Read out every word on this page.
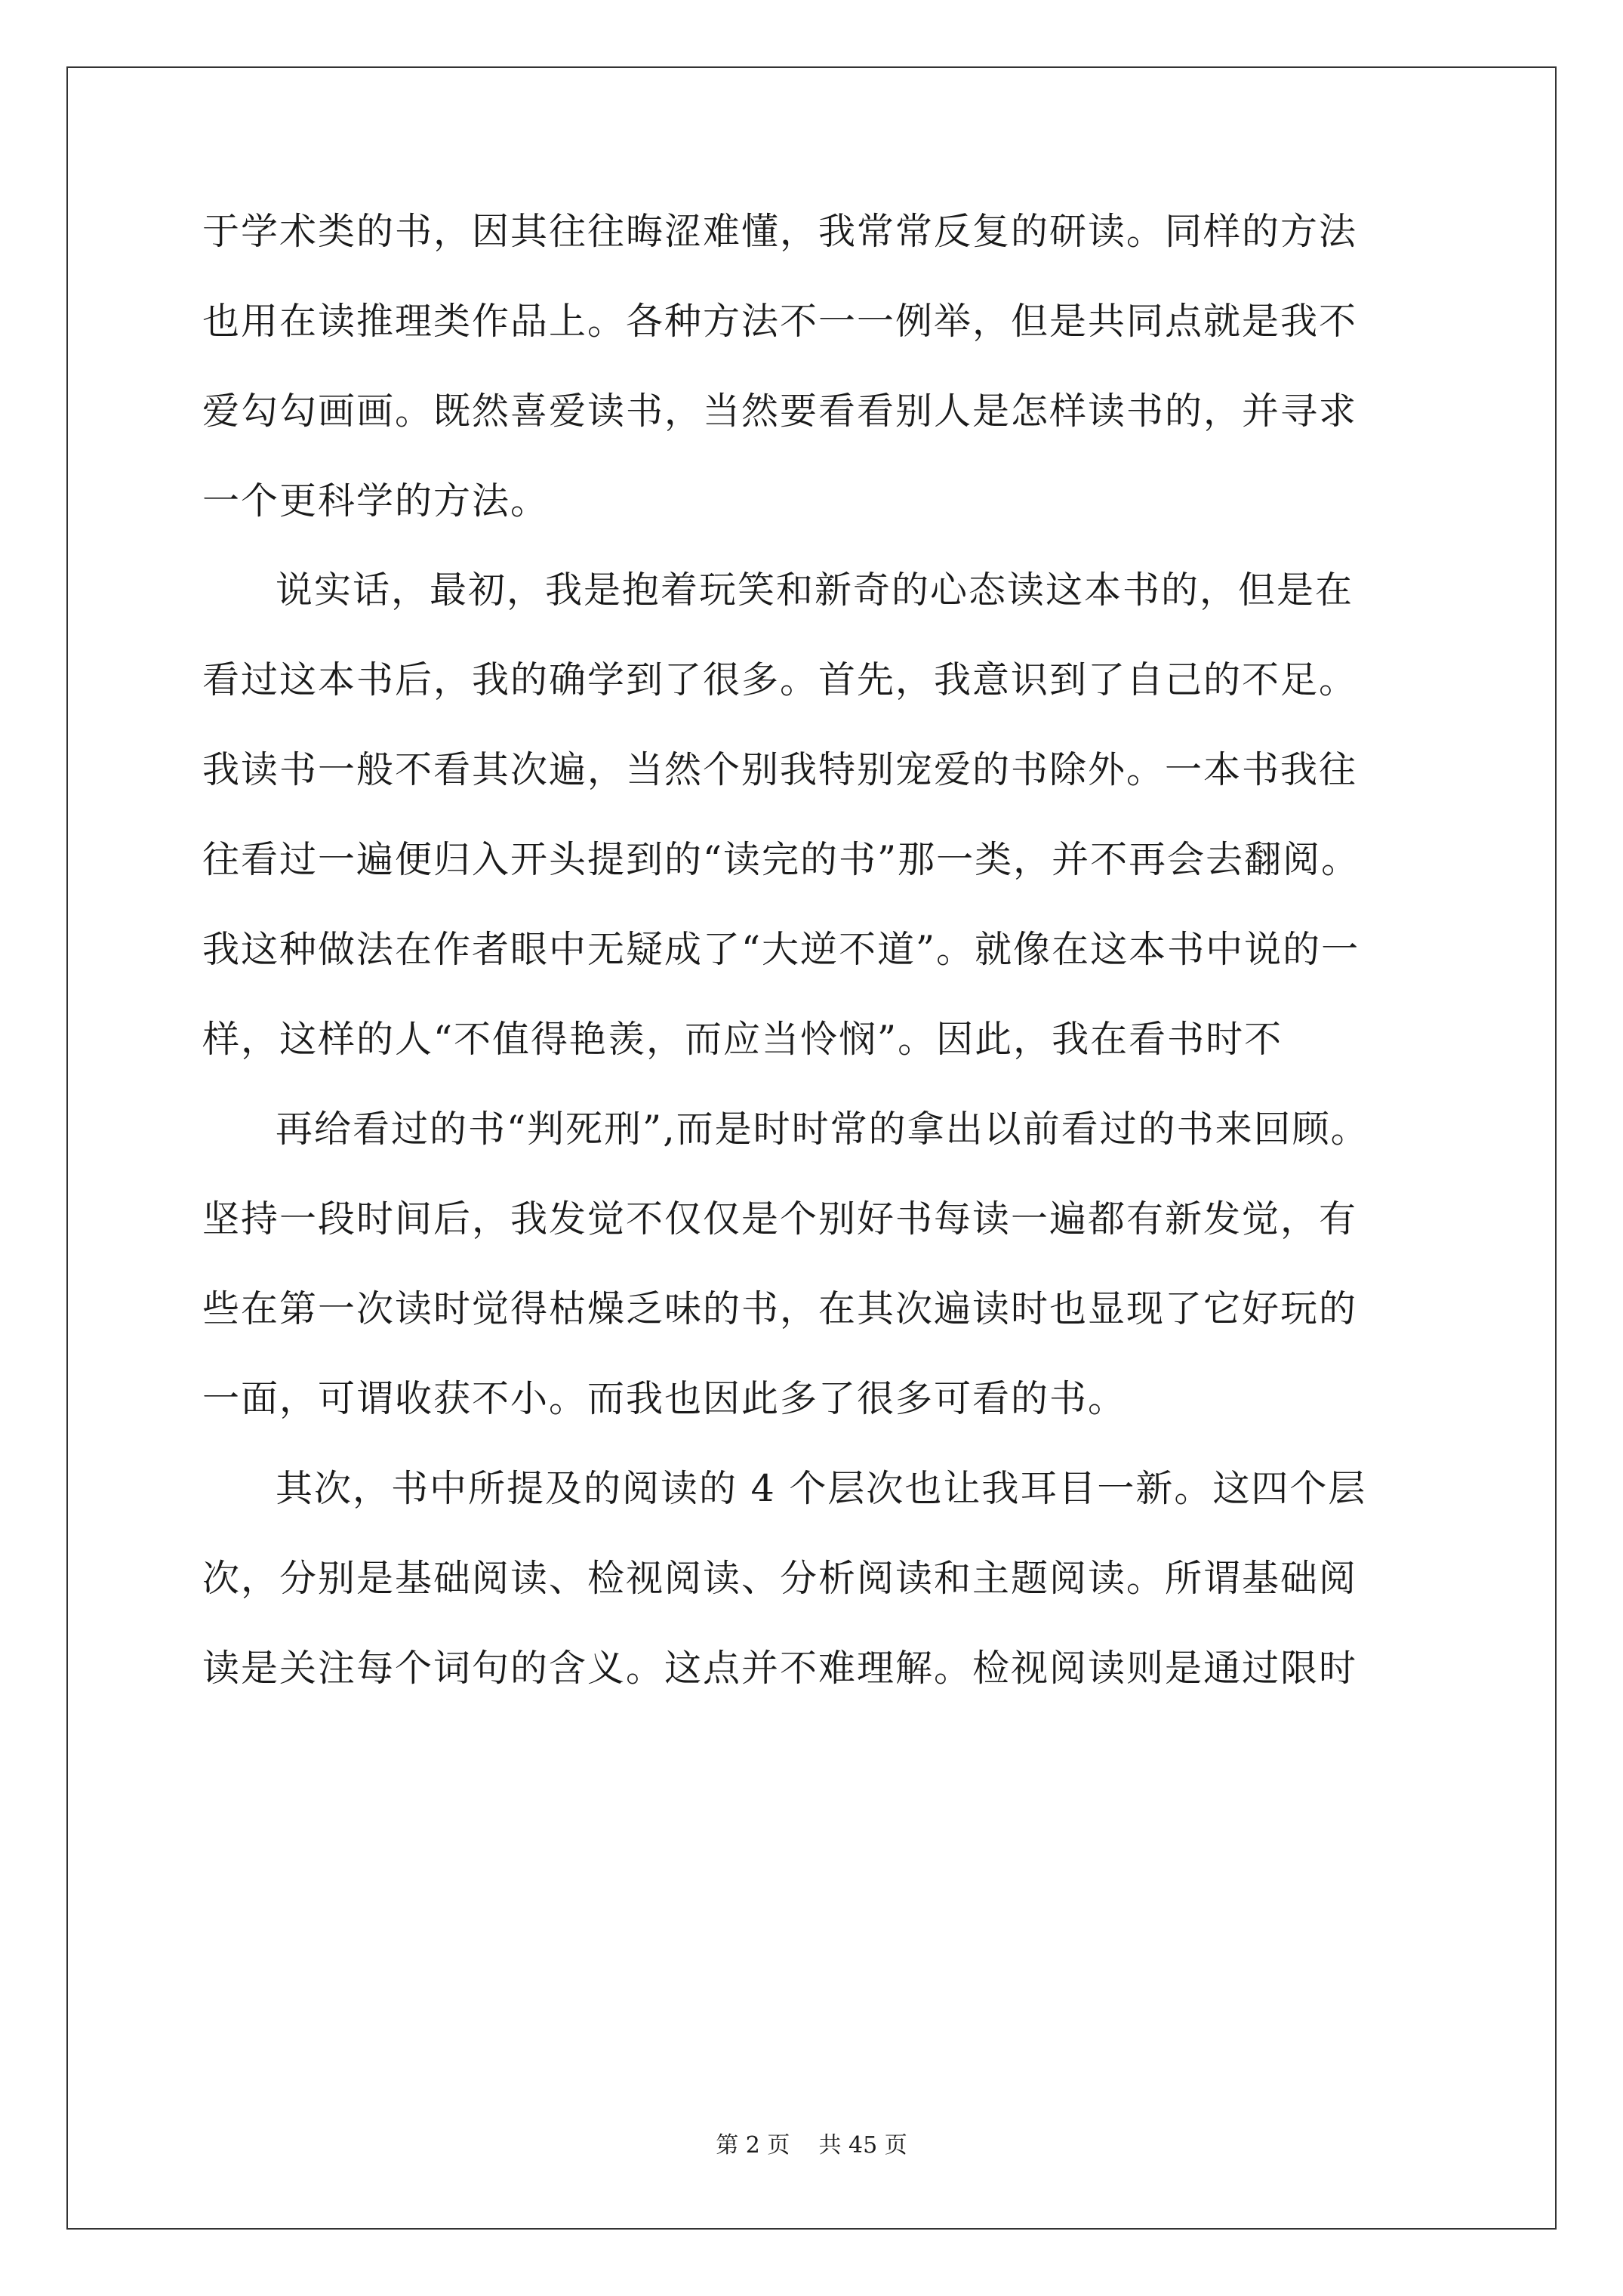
于学术类的书，因其往往晦涩难懂，我常常反复的研读。同样的方法
也用在读推理类作品上。各种方法不一一例举，但是共同点就是我不
爱勾勾画画。既然喜爱读书，当然要看看别人是怎样读书的，并寻求
一个更科学的方法。
说实话，最初，我是抱着玩笑和新奇的心态读这本书的，但是在
看过这本书后，我的确学到了很多。首先，我意识到了自己的不足。
我读书一般不看其次遍，当然个别我特别宠爱的书除外。一本书我往
往看过一遍便归入开头提到的“读完的书”那一类，并不再会去翻阅。
我这种做法在作者眼中无疑成了“大逆不道”。就像在这本书中说的一
样，这样的人“不值得艳羡，而应当怜悯”。因此，我在看书时不
再给看过的书“判死刑”,而是时时常的拿出以前看过的书来回顾。
坚持一段时间后，我发觉不仅仅是个别好书每读一遍都有新发觉，有
些在第一次读时觉得枯燥乏味的书，在其次遍读时也显现了它好玩的
一面，可谓收获不小。而我也因此多了很多可看的书。
其次，书中所提及的阅读的 4 个层次也让我耳目一新。这四个层
次，分别是基础阅读、检视阅读、分析阅读和主题阅读。所谓基础阅
读是关注每个词句的含义。这点并不难理解。检视阅读则是通过限时
第 2 页    共 45 页
